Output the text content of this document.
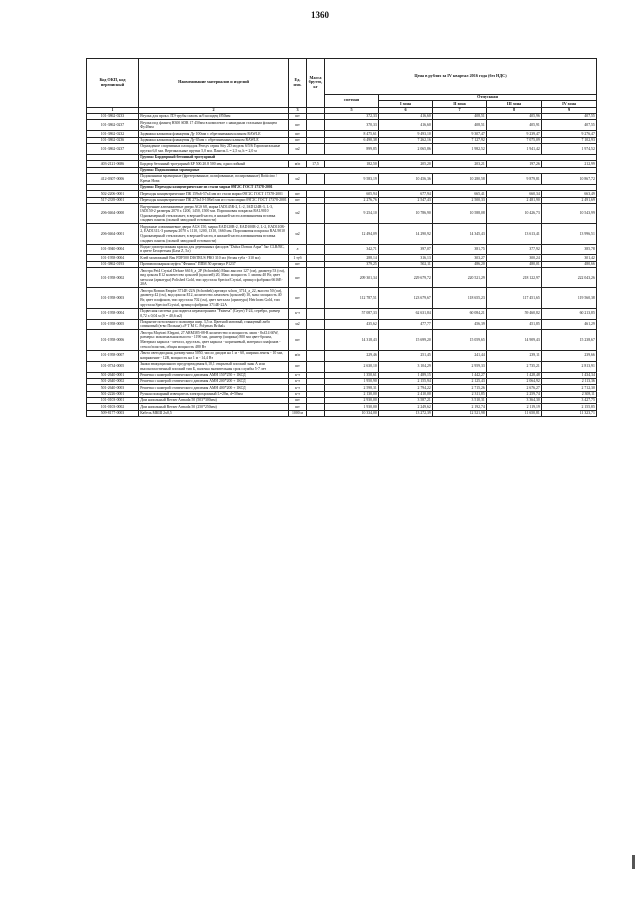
1360
Код ОКП, код переписный	Наименование материалов и изделий	Ед. изм.	Масса брутто, кг	Цена в рублях за IV квартал 2016 года (без НДС)				
				сметная	Отпускная			
					I зона	II зона	III зона	IV зона
1	2	3		5	6	7	8	9
101-3862-0233	Втулка для прокл. ПЭ трубы сквозь ж/б колодец Ø50мм	шт		372,33	416,60	408,51	405,96	407,55
101-3862-0237	Втулка под фланец Н300 SDR 17 450мм в комплекте с накидным стальным фланцем Фу40мм	шт		370,33	416,60	408,51	405,91	407,55
101-3862-0232	Задвижка клиновая фланцевая Ду 100мм с обрезиненным клином RAWLE	шт		8 475,61	9 493,10	9 307,47	9 239,47	9 276,47
101-3862-0236	Задвижка клиновая фланцевая Ду 65мм с обрезиненным клином RAWLE	шт		6 490,38	7 262,16	7 127,92	7 075,09	7 102,93
101-3862-0237	Ограждение спортивных площадок Fensys серия Sity 2D модель 6/5/6 Горизонтальные прутки 6,0 мм. Вертикальные прутки 5,0 мм. Панель L = 2,5 м, h = 2,0 м	м2		899,85	2 065,86	1 982,52	1 941,42	1 974,52
	Группа: Бордюрный бетонный тротуарный							
403-2121-0686	Бордюр бетонный тротуарный БР 500.20.8 500 мм, однослойный	м/п	17,5	182,50	205,20	203,21	197,26	212,99
	Группа: Подоконники мраморные							
412-0307-0006	Подоконники мраморные (фрезерованные, шлифованные, полированные) Botticino / Крема Нова	м2		9 583,19	10 456,36	10 280,58	9 879,81	10 867,72
	Группа: Переходы концентрические из стали марки 09Г2С ГОСТ 17378-2001							
502-2206-0001	Переходы концентрические ПК 159х6-57х4 мм из стали марки 09Г2С ГОСТ 17378-2001	шт		605,94	677,94	665,41	660,34	663,49
517-2339-0001	Переходы концентрические ПК 273х10-108х6 мм из стали марки 09Г2С ГОСТ 17378-2001	шт		2 276,76	2 547,43	2 500,33	2 481,90	2 491,69
206-0464-0000	Внутренние алюминиевые двери AGS 68, марка IAD145R-2, L-2, IAD124R-3, L-3, IAD150-2 размеры 2070 x 1200, 1450, 1500 мм. Порошковая покраска RAL9010 Однокамерный стеклопакет, в верхней части, в нижней части алюминиевая вставка сэндвич панель (полной заводской готовности)	м2		9 254,10	10 786,90	10 588,08	10 426,73	10 543,99
206-0464-0001	Наружные алюминиевые двери AGS 150, марка EAD120R-2, EAD100R-2, L-2, EAD110R-2, EAD131L-3 размеры 2070 x 1110, 1200, 1310, 1660 мм. Порошковая покраска RAL9010 Однокамерный стеклопакет, в верхней части, в нижней части алюминиевая вставка сэндвич панель (полной заводской готовности)	м2		12 494,09	14 290,92	14 345,43	13 613,41	13 996,51
101-3940-0004	Водно-дисперсионная краска для деревянных фасадов "Dulux Domus Aqua" 5кг CLR/BC, в цвете Бесцветная (База Z, 5л)	л		342,71	397,07	381,75	377,92	385,78
101-1958-0004	Клей монтажный Bau FDF500 DISTRUS PRO 310 мл (белая туба - 310 мл)	1 туб		288,14	316,13	303,27	300,24	301,42
101-3862-0193	Противопожарная муфта "Фениск" ППМ 50 артикул Р1237	шт		379,25	502,11	486,20	480,01	480,66
101-1958-0002	Люстра Pet4 Crystal Deluxe 6616_a_2P (Schonbek) Макс.высота 127 (см), диаметр 53 (см), вид цоколя E12 количество цоколей (цоколей) 20, Макс мощность 1 лампы 40 Вт, цвет металла (арматура) Polished Gold, тип хрусталя Spectra/Crystal, артикул фабрики 6616E-20A	шт		209 301,34	229 679,72	220 521,29	218 122,97	222 043,26
101-1958-0003	Люстра Roman Empire 3714E-22A (Schonbek) артикул schon_3714_a_22, высота 50 (см), диаметр 42 (см), вид цоколя E12, количество лампочек (цоколей) 10, макс мощность 40 Вт, цвет плафонов, тип хрусталя 702 (см), цвет металла (арматура) Heirloom Gold, тип хрусталя Spectra/Crystal, артикул фабрики 3714E-22A	шт		112 787,51	123 679,67	118 655,23	117 451,65	119 560,38
101-1958-0004	Подвесная система для подвеса керамогранита "Fainesa" (Geyer) T-24, серебро, размер 0,72 х 0,04 м (S = 40,6 м2)	к-т		57 087,33	62 631,84	60 084,21	59 460,82	60 213,85
101-1958-0005	Покрытие потолочного полимера шир. 3,5 м. Цветной матовый, глянцевый либо сатиновый (в-во Польша) «Р Т М С. Polymax Bribal»	м2		435,62	477,77	456,39	451,85	461,29
101-1958-0006	Люстра Maytoni Elegant, 27 ARM385-08-R количество и мощность ламп - 8х£14 60W, размеры: максимальная высота - 1190 мм, диаметр (ширина) 800 мм цвет-бронза, Материал каркаса - металл, хрусталь, цвет каркаса - коричневый, материал плафонов - стекло/пластик, общая мощность 480 Вт	шт		14 318,43	15 699,20	15 059,65	14 909,43	15 238,67
101-1958-0007	Лента светодиодная, размер чипа 5050, число диодов на 1 м - 60, ширина ленты - 10 мм, напряжение - 12В, мощность на 1 м - 14,4 Вт	м/п		229,46	251,45	241,44	239,11	239,66
101-0734-0005	Знаки эвакуационного предупреждения 6,10,1 открытый плоский знак А или высокоэластичный плоский тип Б, палочка значительная срок службы 5-7 лет	шт		2 630,10	3 104,29	2 959,33	2 735,21	2 813,91
501-2640-0001	Решетка с камерой статического давления АМН 150*250 + 1КСД	к-т		1 350,61	1 489,15	1 442,27	1 428,48	1 434,34
501-2640-0002	Решетка с камерой статического давления АМН 200*200 + 1КСД	к-т		1 950,90	2 155,94	2 125,43	2 064,92	2 113,36
501-2640-0003	Решетка с камерой статического давления АМН 400*200 + 1КСД	к-т		2 598,31	2 794,22	2 715,26	2 676,27	2 712,30
501-2226-0001	Ручная пожарный извещатель электрохромный L=20м, d=50мм	к-т		2 130,00	2 410,00	2 311,85	2 259,74	2 308,11
101-0103-0001	Дом напольный Revaer Armada 50 (503*300мм)	шт		2 930,00	3 587,21	3 510,31	3 364,30	3 427,75
101-0103-0002	Дом напольный Revaer Armada 50 (250*250мм)	шт		1 930,00	2 249,62	2 192,74	2 119,19	2 155,85
509-8177-0003	Кабель МКШ 2х0,5	1000 м		10 334,00	13 272,39	12 521,98	11 650,81	11 323,71
